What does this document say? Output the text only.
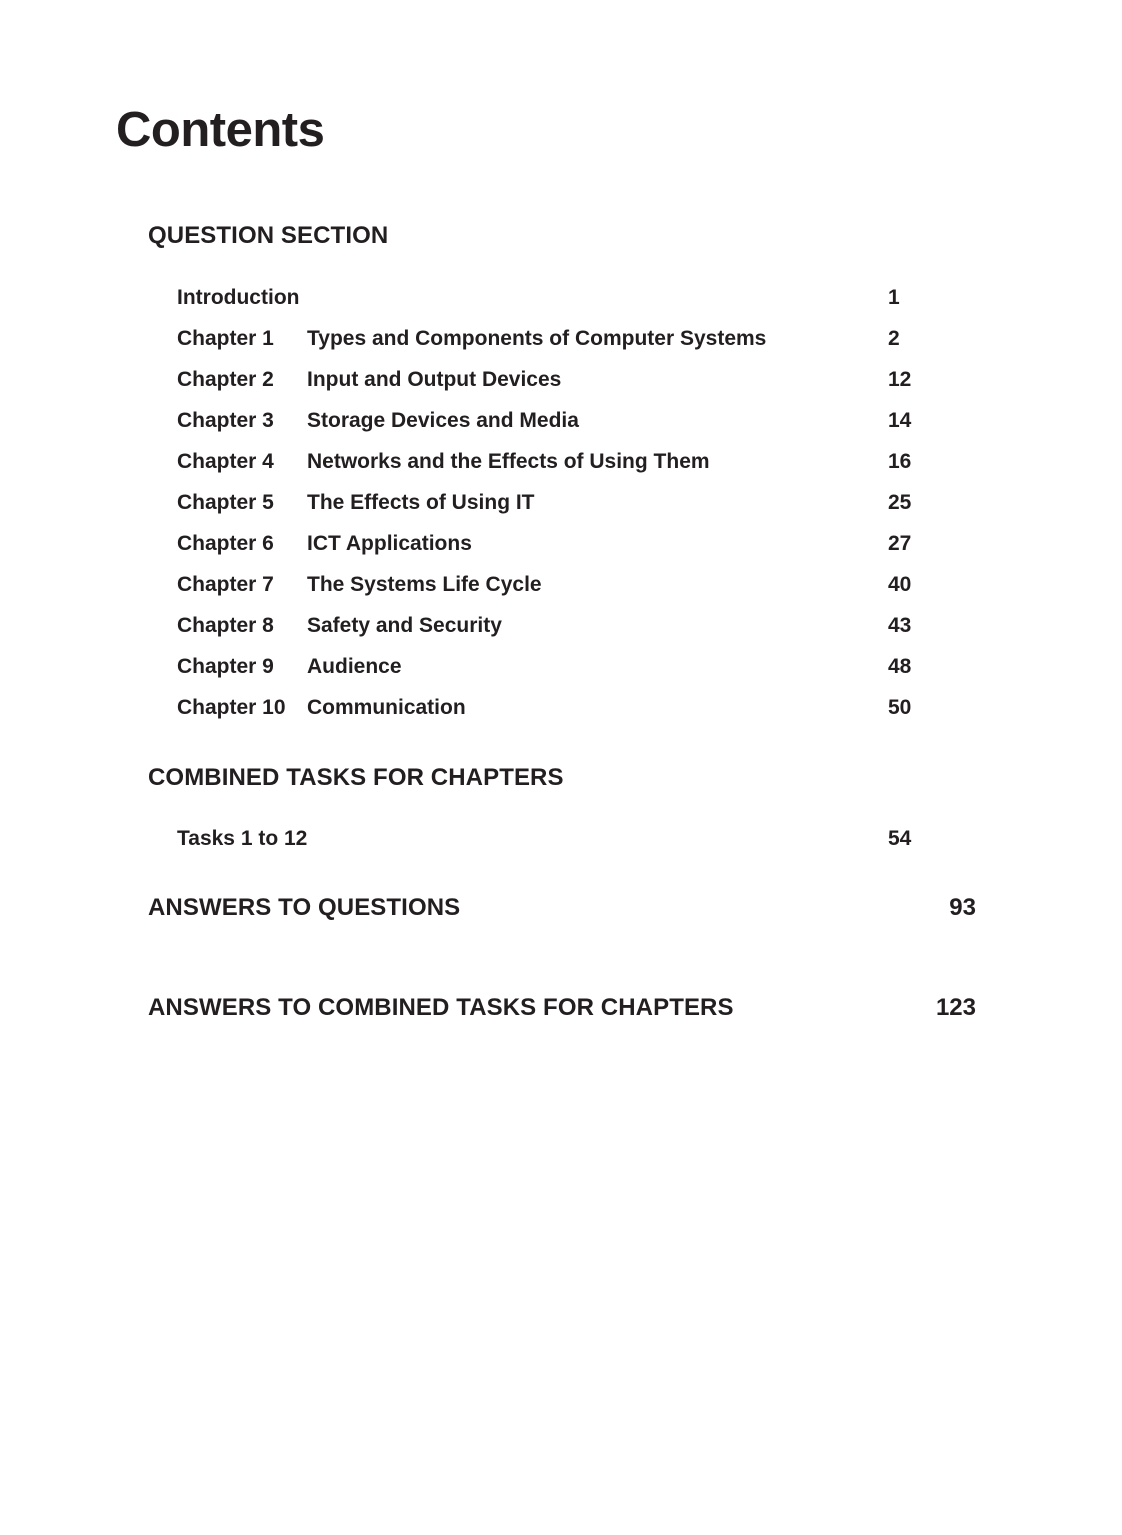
Contents
QUESTION SECTION
Introduction	1
Chapter 1 Types and Components of Computer Systems	2
Chapter 2 Input and Output Devices	12
Chapter 3 Storage Devices and Media	14
Chapter 4 Networks and the Effects of Using Them	16
Chapter 5 The Effects of Using IT	25
Chapter 6 ICT Applications	27
Chapter 7 The Systems Life Cycle	40
Chapter 8 Safety and Security	43
Chapter 9 Audience	48
Chapter 10 Communication	50
COMBINED TASKS FOR CHAPTERS
Tasks 1 to 12	54
ANSWERS TO QUESTIONS	93
ANSWERS TO COMBINED TASKS FOR CHAPTERS	123
